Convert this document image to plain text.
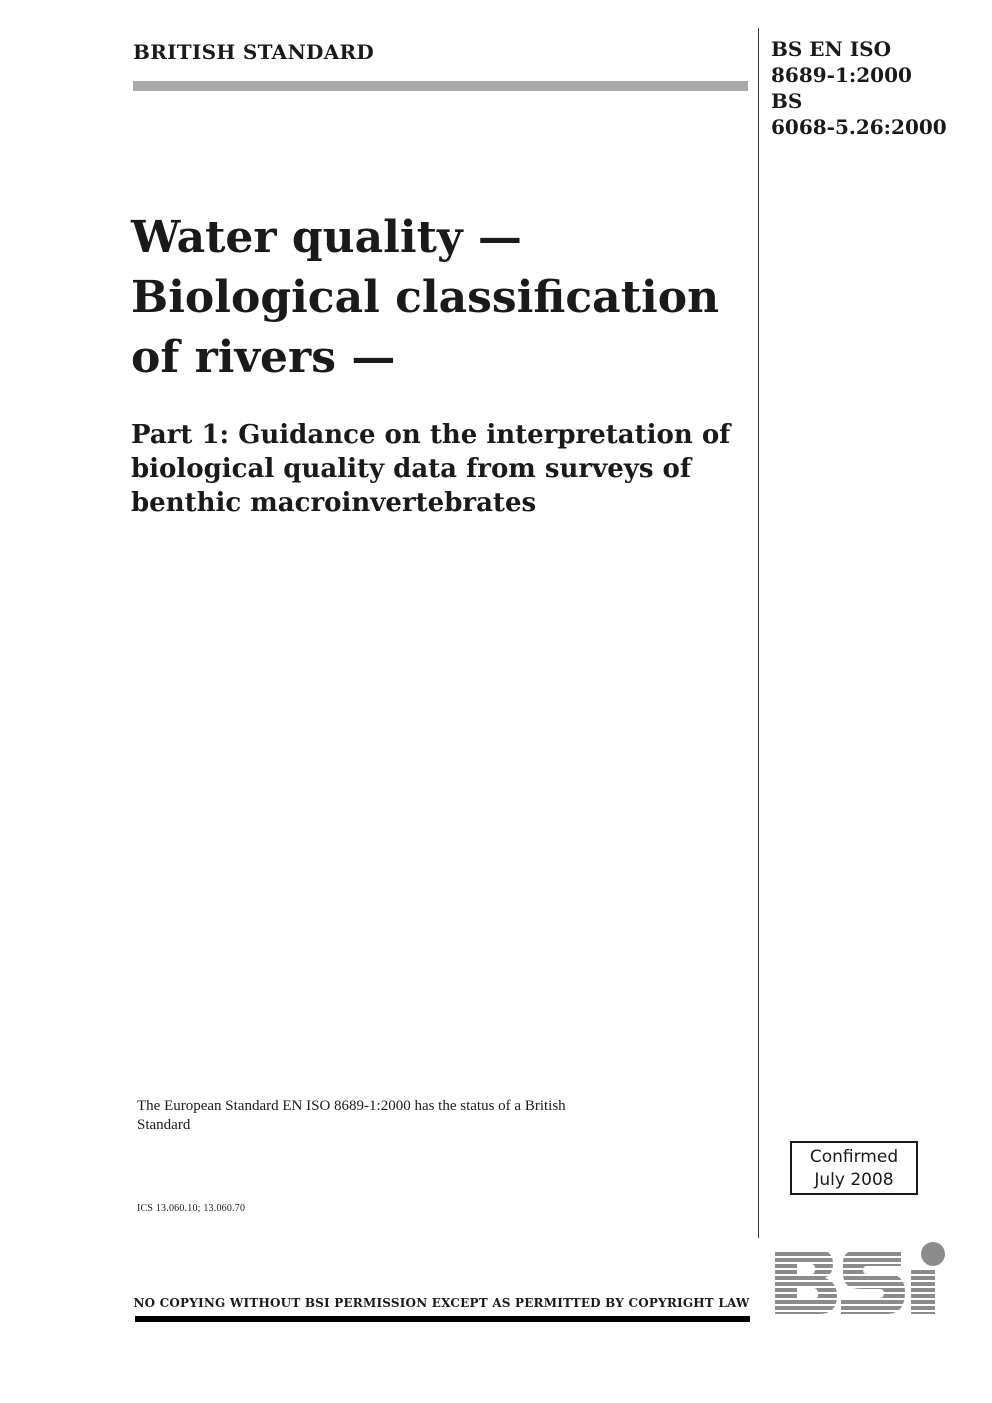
BRITISH STANDARD	BS EN ISO
8689-1:2000
BS
6068-5.26:2000
Water quality —
Biological classification
of rivers —
Part 1: Guidance on the interpretation of
biological quality data from surveys of
benthic macroinvertebrates
The European Standard EN ISO 8689-1:2000 has the status of a British Standard
ICS 13.060.10; 13.060.70
Confirmed
July 2008
NO COPYING WITHOUT BSI PERMISSION EXCEPT AS PERMITTED BY COPYRIGHT LAW
